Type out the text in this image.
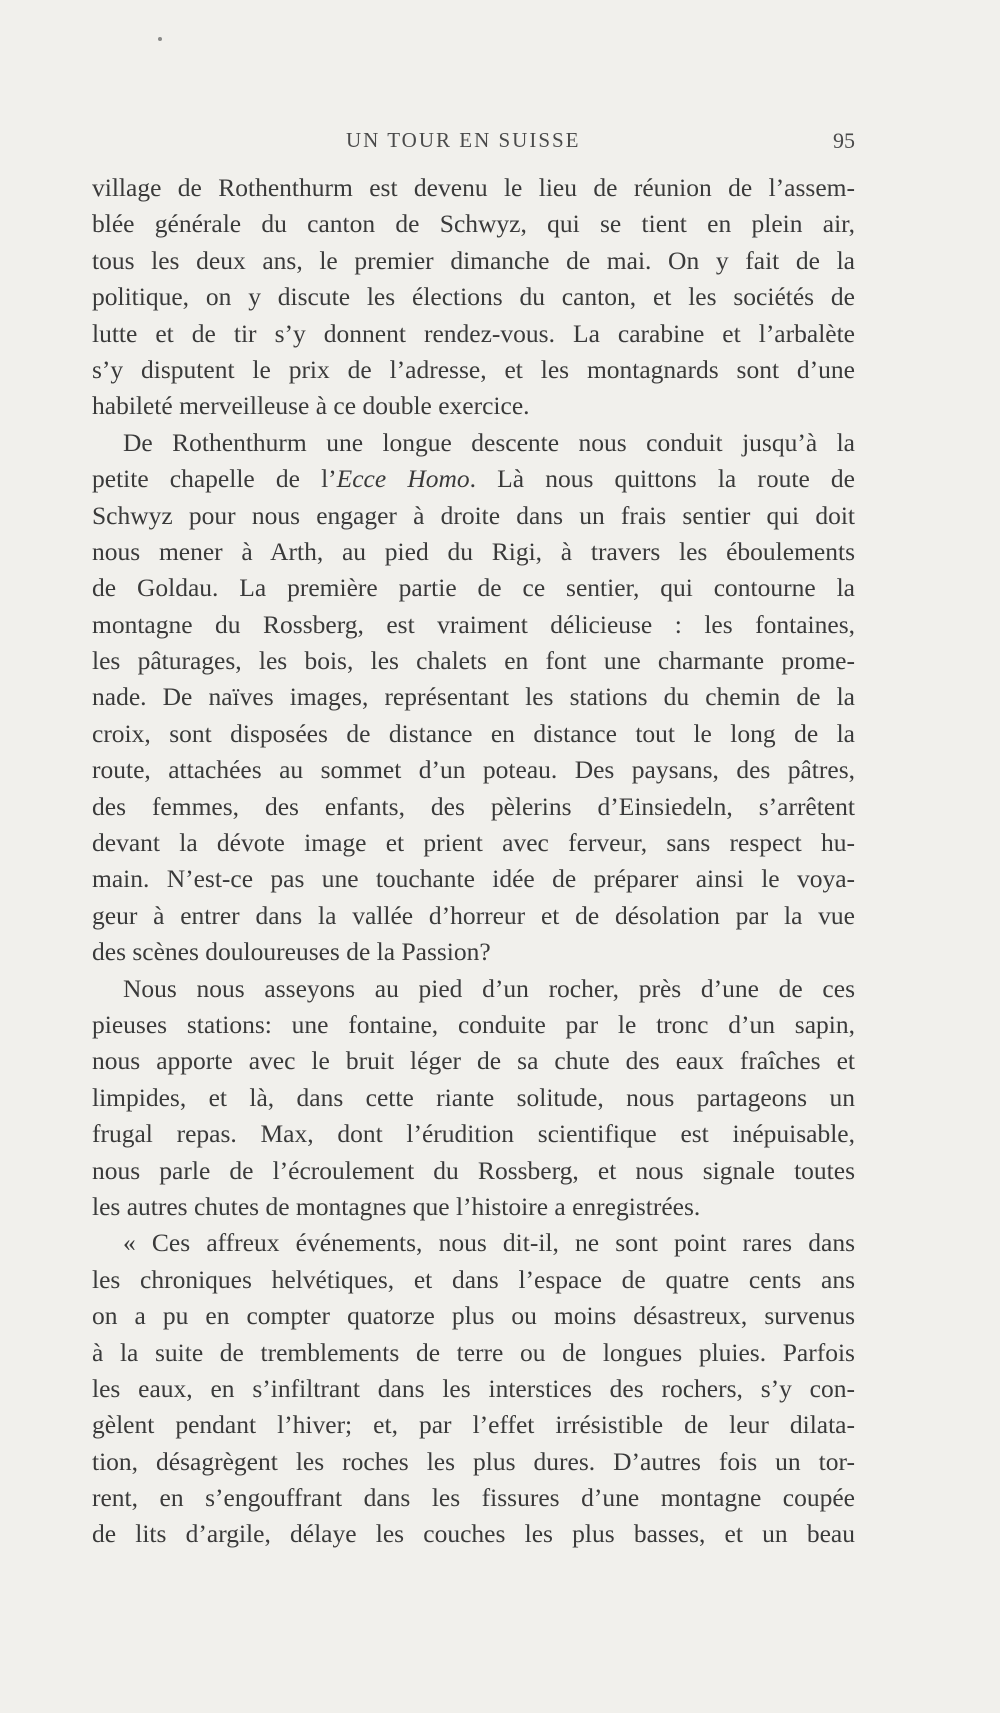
UN TOUR EN SUISSE	95
village de Rothenthurm est devenu le lieu de réunion de l’assem-
blée générale du canton de Schwyz, qui se tient en plein air,
tous les deux ans, le premier dimanche de mai. On y fait de la
politique, on y discute les élections du canton, et les sociétés de
lutte et de tir s’y donnent rendez-vous. La carabine et l’arbalète
s’y disputent le prix de l’adresse, et les montagnards sont d’une
habileté merveilleuse à ce double exercice.
De Rothenthurm une longue descente nous conduit jusqu’à la
petite chapelle de l’Ecce Homo. Là nous quittons la route de
Schwyz pour nous engager à droite dans un frais sentier qui doit
nous mener à Arth, au pied du Rigi, à travers les éboulements
de Goldau. La première partie de ce sentier, qui contourne la
montagne du Rossberg, est vraiment délicieuse : les fontaines,
les pâturages, les bois, les chalets en font une charmante prome-
nade. De naïves images, représentant les stations du chemin de la
croix, sont disposées de distance en distance tout le long de la
route, attachées au sommet d’un poteau. Des paysans, des pâtres,
des femmes, des enfants, des pèlerins d’Einsiedeln, s’arrêtent
devant la dévote image et prient avec ferveur, sans respect hu-
main. N’est-ce pas une touchante idée de préparer ainsi le voya-
geur à entrer dans la vallée d’horreur et de désolation par la vue
des scènes douloureuses de la Passion?
Nous nous asseyons au pied d’un rocher, près d’une de ces
pieuses stations: une fontaine, conduite par le tronc d’un sapin,
nous apporte avec le bruit léger de sa chute des eaux fraîches et
limpides, et là, dans cette riante solitude, nous partageons un
frugal repas. Max, dont l’érudition scientifique est inépuisable,
nous parle de l’écroulement du Rossberg, et nous signale toutes
les autres chutes de montagnes que l’histoire a enregistrées.
« Ces affreux événements, nous dit-il, ne sont point rares dans
les chroniques helvétiques, et dans l’espace de quatre cents ans
on a pu en compter quatorze plus ou moins désastreux, survenus
à la suite de tremblements de terre ou de longues pluies. Parfois
les eaux, en s’infiltrant dans les interstices des rochers, s’y con-
gèlent pendant l’hiver; et, par l’effet irrésistible de leur dilata-
tion, désagrègent les roches les plus dures. D’autres fois un tor-
rent, en s’engouffrant dans les fissures d’une montagne coupée
de lits d’argile, délaye les couches les plus basses, et un beau
